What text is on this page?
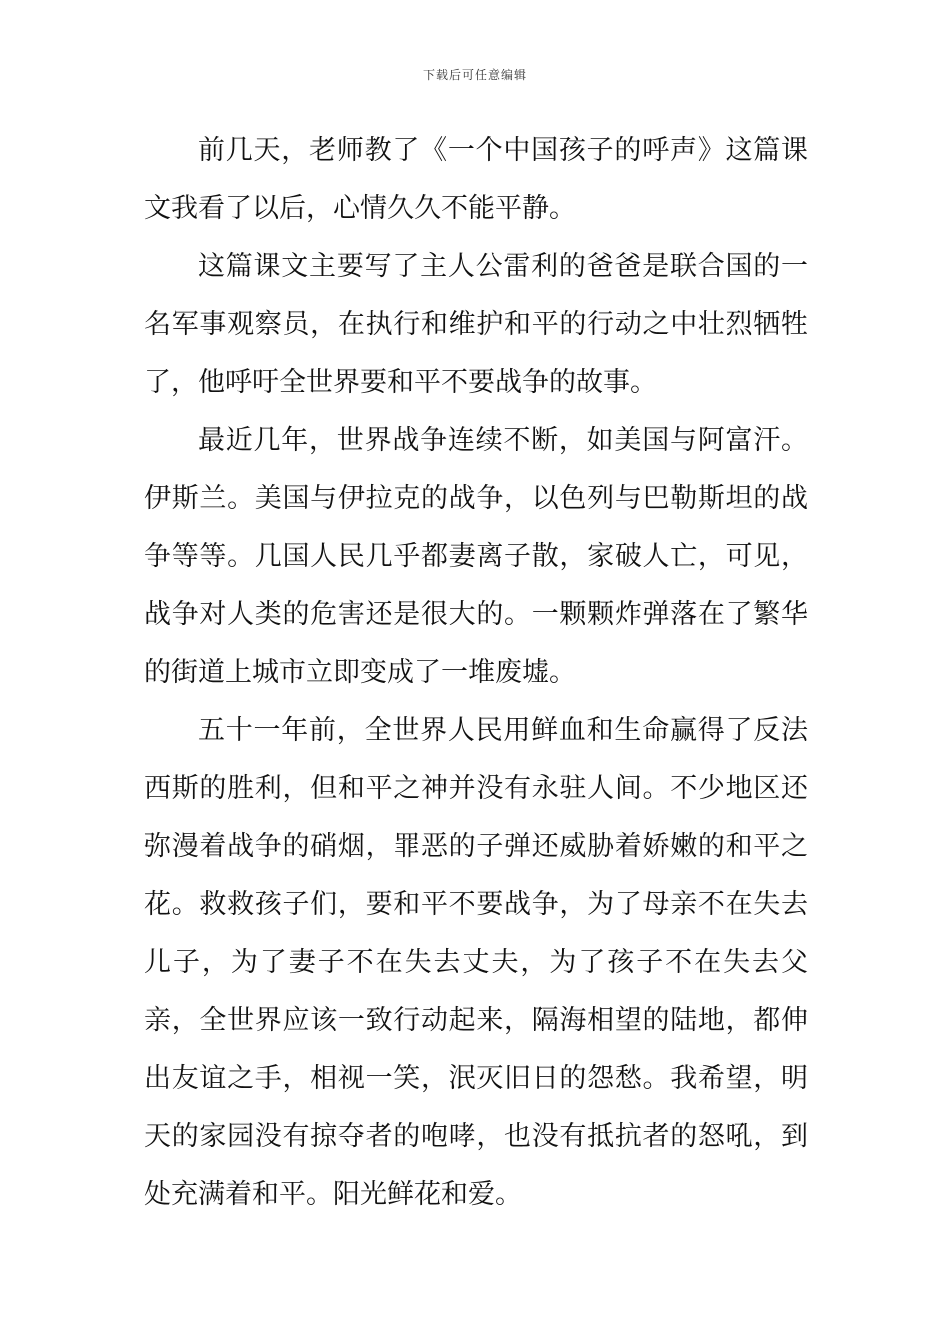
下载后可任意编辑

前几天，老师教了《一个中国孩子的呼声》这篇课文我看了以后，心情久久不能平静。

这篇课文主要写了主人公雷利的爸爸是联合国的一名军事观察员，在执行和维护和平的行动之中壮烈牺牲了，他呼吁全世界要和平不要战争的故事。

最近几年，世界战争连续不断，如美国与阿富汗。伊斯兰。美国与伊拉克的战争，以色列与巴勒斯坦的战争等等。几国人民几乎都妻离子散，家破人亡，可见，战争对人类的危害还是很大的。一颗颗炸弹落在了繁华的街道上城市立即变成了一堆废墟。

五十一年前，全世界人民用鲜血和生命赢得了反法西斯的胜利，但和平之神并没有永驻人间。不少地区还弥漫着战争的硝烟，罪恶的子弹还威胁着娇嫩的和平之花。救救孩子们，要和平不要战争，为了母亲不在失去儿子，为了妻子不在失去丈夫，为了孩子不在失去父亲，全世界应该一致行动起来，隔海相望的陆地，都伸出友谊之手，相视一笑，泯灭旧日的怨愁。我希望，明天的家园没有掠夺者的咆哮，也没有抵抗者的怒吼，到处充满着和平。阳光鲜花和爱。
